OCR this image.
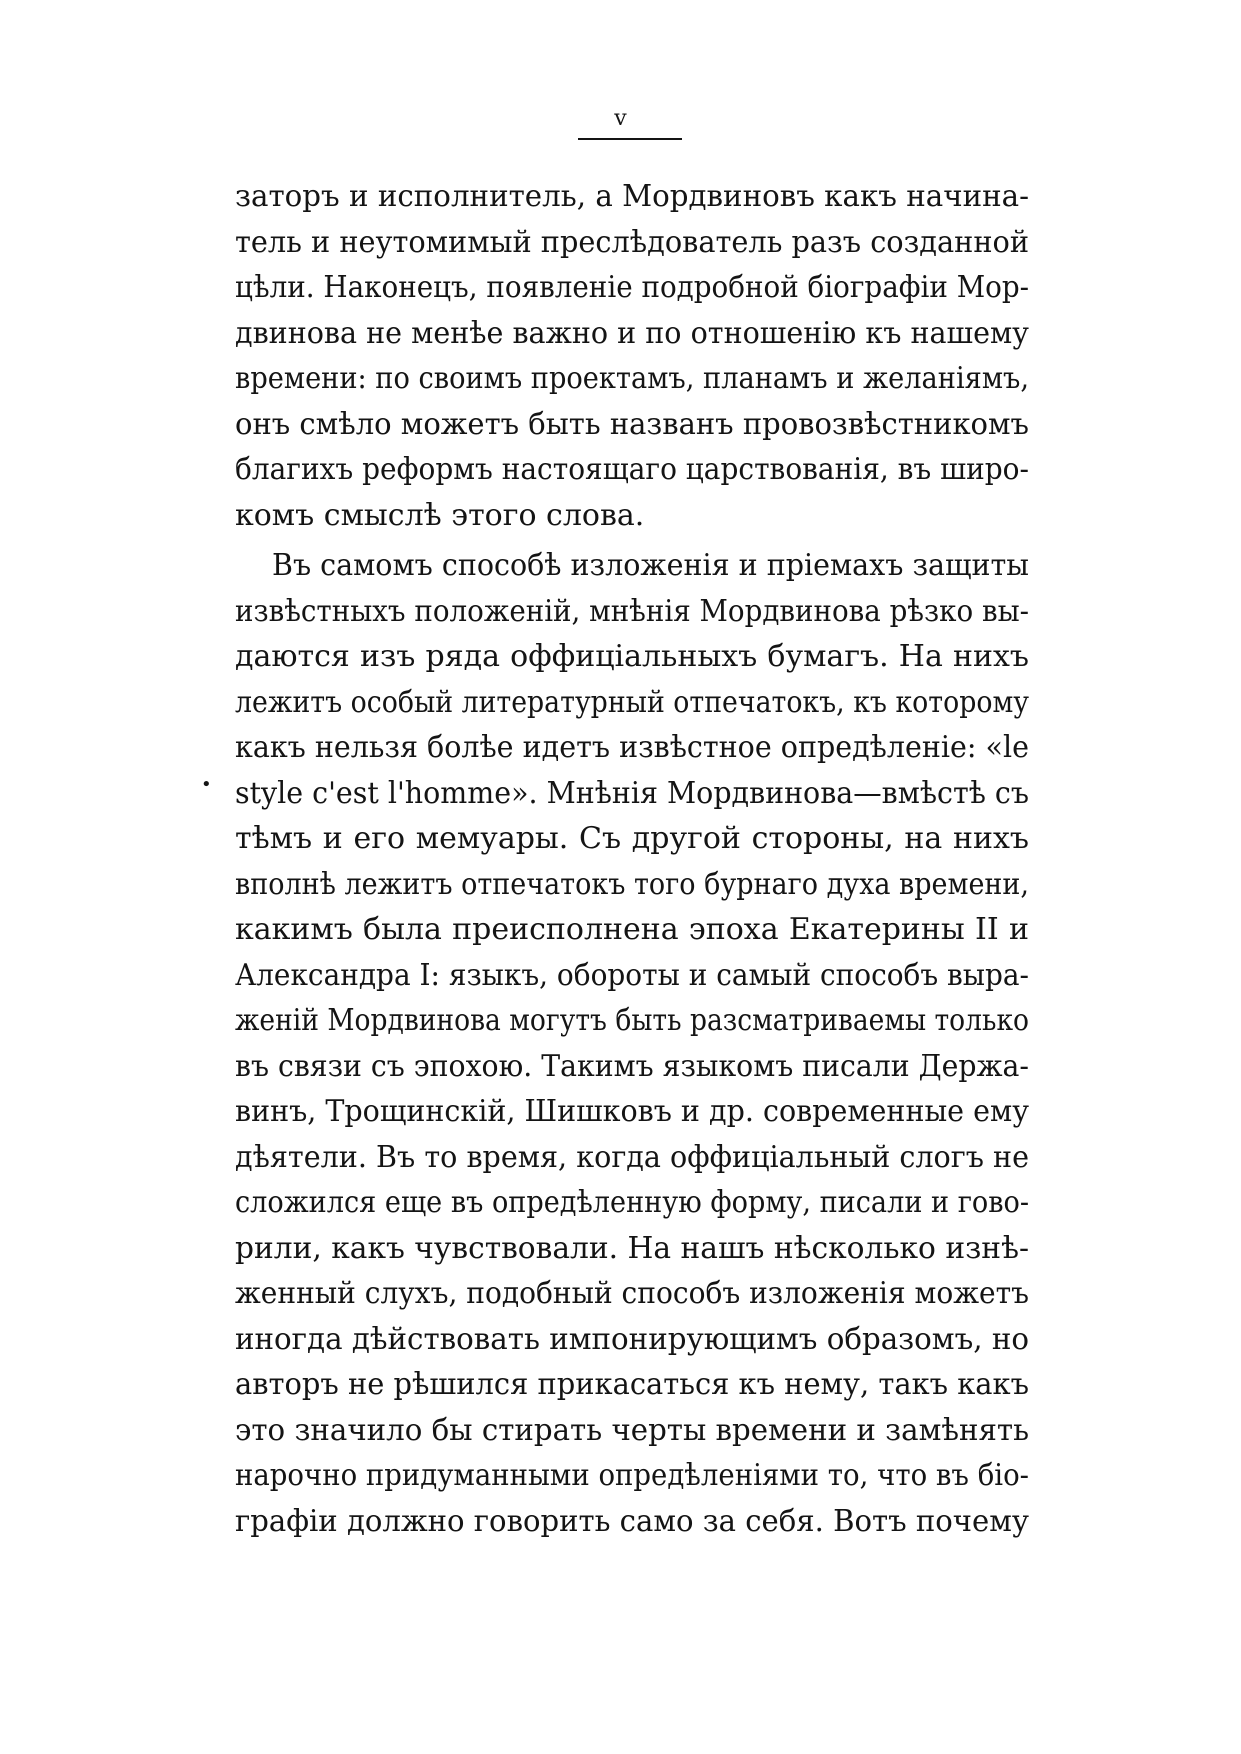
v
•
заторъ и исполнитель, а Мордвиновъ какъ начина-
тель и неутомимый преслѣдователь разъ созданной
цѣли. Наконецъ, появленіе подробной біографіи Мор-
двинова не менѣе важно и по отношенію къ нашему
времени: по своимъ проектамъ, планамъ и желаніямъ,
онъ смѣло можетъ быть названъ провозвѣстникомъ
благихъ реформъ настоящаго царствованія, въ широ-
комъ смыслѣ этого слова.
Въ самомъ способѣ изложенія и пріемахъ защиты
извѣстныхъ положеній, мнѣнія Мордвинова рѣзко вы-
даются изъ ряда оффиціальныхъ бумагъ. На нихъ
лежитъ особый литературный отпечатокъ, къ которому
какъ нельзя болѣе идетъ извѣстное опредѣленіе: «le
style c'est l'homme». Мнѣнія Мордвинова—вмѣстѣ съ
тѣмъ и его мемуары. Съ другой стороны, на нихъ
вполнѣ лежитъ отпечатокъ того бурнаго духа времени,
какимъ была преисполнена эпоха Екатерины II и
Александра I: языкъ, обороты и самый способъ выра-
женій Мордвинова могутъ быть разсматриваемы только
въ связи съ эпохою. Такимъ языкомъ писали Держа-
винъ, Трощинскій, Шишковъ и др. современные ему
дѣятели. Въ то время, когда оффиціальный слогъ не
сложился еще въ опредѣленную форму, писали и гово-
рили, какъ чувствовали. На нашъ нѣсколько изнѣ-
женный слухъ, подобный способъ изложенія можетъ
иногда дѣйствовать импонирующимъ образомъ, но
авторъ не рѣшился прикасаться къ нему, такъ какъ
это значило бы стирать черты времени и замѣнять
нарочно придуманными опредѣленіями то, что въ біо-
графіи должно говорить само за себя. Вотъ почему
